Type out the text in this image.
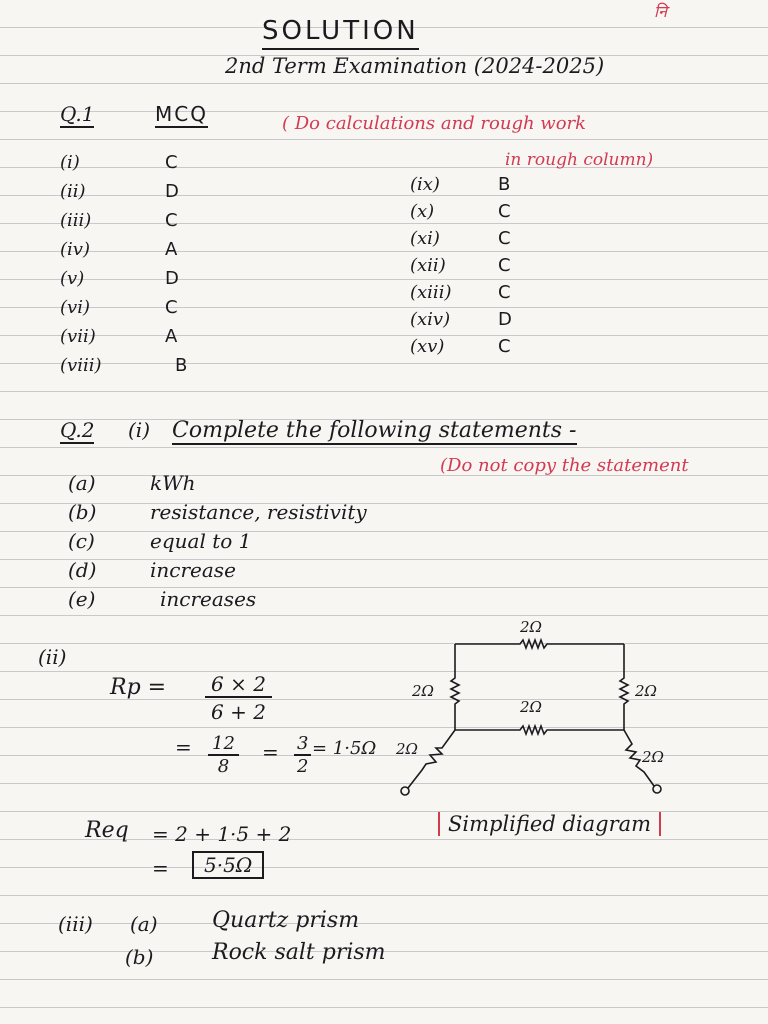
नि
SOLUTION
2nd Term Examination (2024-2025)
Q.1	MCQ	( Do calculations and rough work
in rough column)
(i)	C
(ii)	D
(iii)	C
(iv)	A
(v)	D
(vi)	C
(vii)	A
(viii)	B
(ix)	B
(x)	C
(xi)	C
(xii)	C
(xiii)	C
(xiv)	D
(xv)	C
Q.2 (i) Complete the following statements -
(Do not copy the statement
(a)	kWh
(b)	resistance, resistivity
(c)	equal to 1
(d)	increase
(e)	increases
(ii)
$Rp = \frac{6 \times 2}{6 + 2}$
= $\frac{12}{8} = \frac{3}{2} = 1\cdot 5\Omega$
2Ω
2Ω	2Ω
2Ω
2Ω	2Ω
Req = 2 + 1·5 + 2
=	5·5Ω
Simplified diagram
(iii) (a) Quartz prism
(b)	Rock salt prism
